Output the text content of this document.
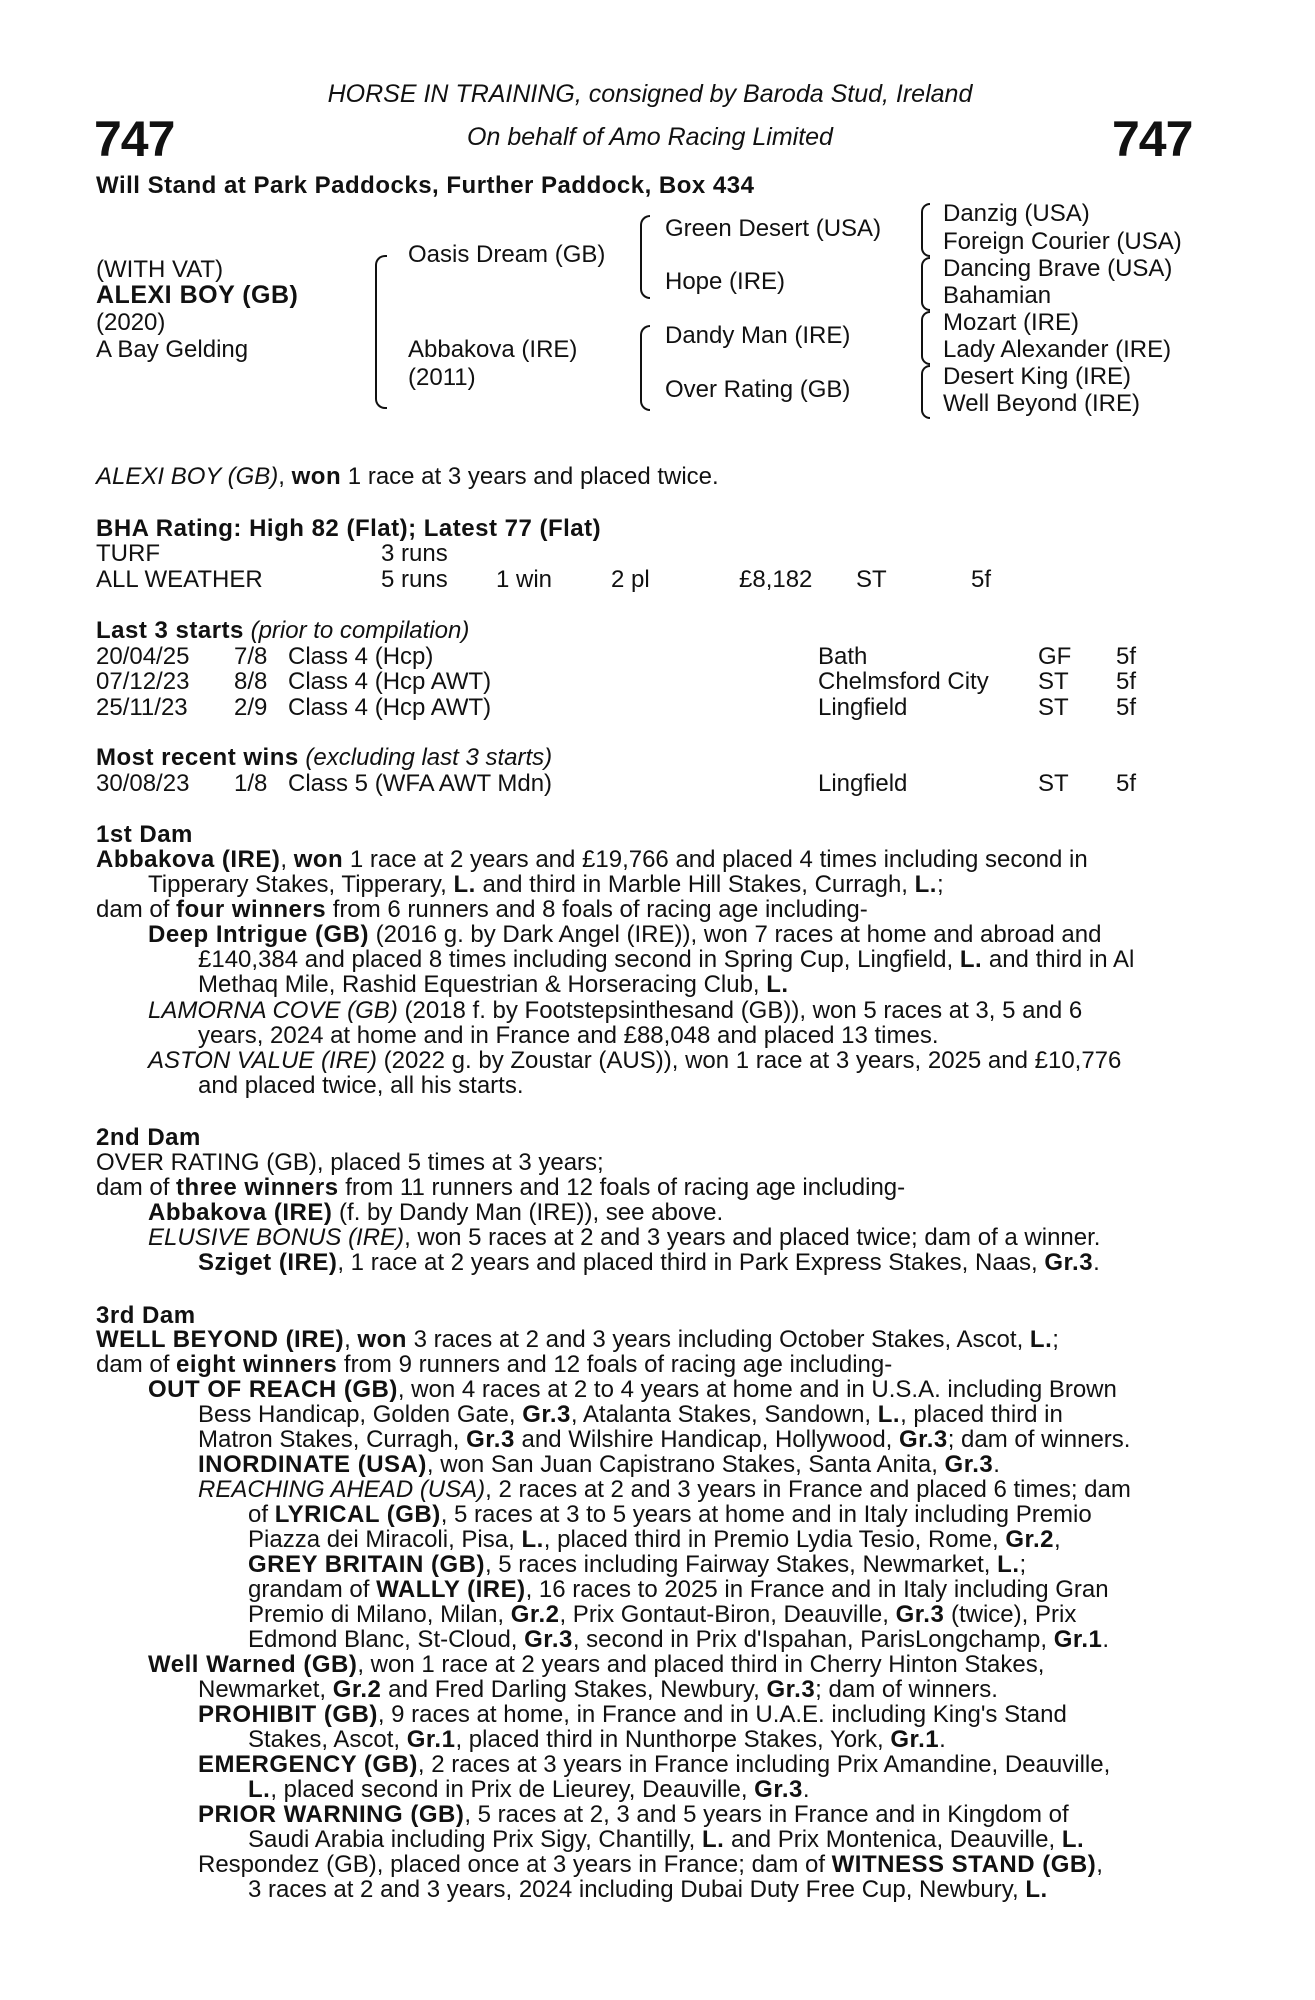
747	747
HORSE IN TRAINING, consigned by Baroda Stud, Ireland
On behalf of Amo Racing Limited
Will Stand at Park Paddocks, Further Paddock, Box 434
(WITH VAT)
ALEXI BOY (GB)
(2020)
A Bay Gelding
Oasis Dream (GB)
Abbakova (IRE)
(2011)
Green Desert (USA)
Hope (IRE)
Dandy Man (IRE)
Over Rating (GB)
Danzig (USA)
Foreign Courier (USA)
Dancing Brave (USA)
Bahamian
Mozart (IRE)
Lady Alexander (IRE)
Desert King (IRE)
Well Beyond (IRE)
ALEXI BOY (GB), won 1 race at 3 years and placed twice.
BHA Rating: High 82 (Flat); Latest 77 (Flat)
TURF	3 runs
ALL WEATHER	5 runs 1 win 2 pl	£8,182 ST	5f
Last 3 starts (prior to compilation)
20/04/25 7/8 Class 4 (Hcp)	Bath	GF 5f
07/12/23 8/8 Class 4 (Hcp AWT)	Chelmsford City ST 5f
25/11/23 2/9 Class 4 (Hcp AWT)	Lingfield	ST 5f
Most recent wins (excluding last 3 starts)
30/08/23 1/8 Class 5 (WFA AWT Mdn)	Lingfield	ST 5f
1st Dam
Abbakova (IRE), won 1 race at 2 years and £19,766 and placed 4 times including second in
Tipperary Stakes, Tipperary, L. and third in Marble Hill Stakes, Curragh, L.;
dam of four winners from 6 runners and 8 foals of racing age including-
Deep Intrigue (GB) (2016 g. by Dark Angel (IRE)), won 7 races at home and abroad and
£140,384 and placed 8 times including second in Spring Cup, Lingfield, L. and third in Al
Methaq Mile, Rashid Equestrian & Horseracing Club, L.
LAMORNA COVE (GB) (2018 f. by Footstepsinthesand (GB)), won 5 races at 3, 5 and 6
years, 2024 at home and in France and £88,048 and placed 13 times.
ASTON VALUE (IRE) (2022 g. by Zoustar (AUS)), won 1 race at 3 years, 2025 and £10,776
and placed twice, all his starts.
2nd Dam
OVER RATING (GB), placed 5 times at 3 years;
dam of three winners from 11 runners and 12 foals of racing age including-
Abbakova (IRE) (f. by Dandy Man (IRE)), see above.
ELUSIVE BONUS (IRE), won 5 races at 2 and 3 years and placed twice; dam of a winner.
Sziget (IRE), 1 race at 2 years and placed third in Park Express Stakes, Naas, Gr.3.
3rd Dam
WELL BEYOND (IRE), won 3 races at 2 and 3 years including October Stakes, Ascot, L.;
dam of eight winners from 9 runners and 12 foals of racing age including-
OUT OF REACH (GB), won 4 races at 2 to 4 years at home and in U.S.A. including Brown
Bess Handicap, Golden Gate, Gr.3, Atalanta Stakes, Sandown, L., placed third in
Matron Stakes, Curragh, Gr.3 and Wilshire Handicap, Hollywood, Gr.3; dam of winners.
INORDINATE (USA), won San Juan Capistrano Stakes, Santa Anita, Gr.3.
REACHING AHEAD (USA), 2 races at 2 and 3 years in France and placed 6 times; dam
of LYRICAL (GB), 5 races at 3 to 5 years at home and in Italy including Premio
Piazza dei Miracoli, Pisa, L., placed third in Premio Lydia Tesio, Rome, Gr.2,
GREY BRITAIN (GB), 5 races including Fairway Stakes, Newmarket, L.;
grandam of WALLY (IRE), 16 races to 2025 in France and in Italy including Gran
Premio di Milano, Milan, Gr.2, Prix Gontaut-Biron, Deauville, Gr.3 (twice), Prix
Edmond Blanc, St-Cloud, Gr.3, second in Prix d'Ispahan, ParisLongchamp, Gr.1.
Well Warned (GB), won 1 race at 2 years and placed third in Cherry Hinton Stakes,
Newmarket, Gr.2 and Fred Darling Stakes, Newbury, Gr.3; dam of winners.
PROHIBIT (GB), 9 races at home, in France and in U.A.E. including King's Stand
Stakes, Ascot, Gr.1, placed third in Nunthorpe Stakes, York, Gr.1.
EMERGENCY (GB), 2 races at 3 years in France including Prix Amandine, Deauville,
L., placed second in Prix de Lieurey, Deauville, Gr.3.
PRIOR WARNING (GB), 5 races at 2, 3 and 5 years in France and in Kingdom of
Saudi Arabia including Prix Sigy, Chantilly, L. and Prix Montenica, Deauville, L.
Respondez (GB), placed once at 3 years in France; dam of WITNESS STAND (GB),
3 races at 2 and 3 years, 2024 including Dubai Duty Free Cup, Newbury, L.
